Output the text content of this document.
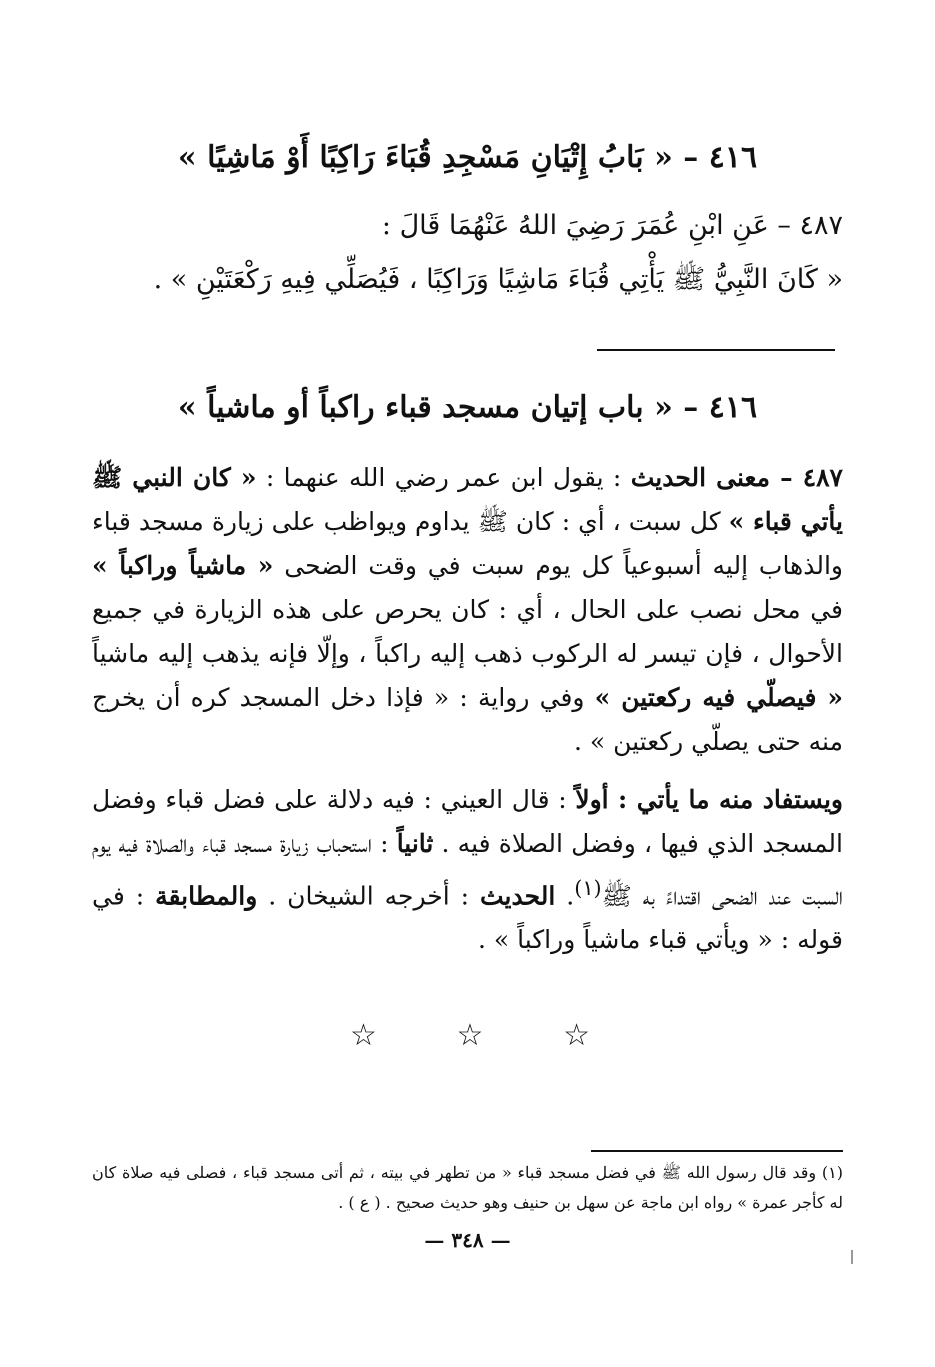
٤١٦ – « بَابُ إِتْيَانِ مَسْجِدِ قُبَاءَ رَاكِبًا أَوْ مَاشِيًا »
٤٨٧ – عَنِ ابْنِ عُمَرَ رَضِيَ اللهُ عَنْهُمَا قَالَ :
« كَانَ النَّبِيُّ ﷺ يَأْتِي قُبَاءَ مَاشِيًا وَرَاكِبًا ، فَيُصَلِّي فِيهِ رَكْعَتَيْنِ » .
٤١٦ – « باب إتيان مسجد قباء راكباً أو ماشياً »
٤٨٧ – معنى الحديث : يقول ابن عمر رضي الله عنهما : « كان النبي ﷺ يأتي قباء » كل سبت ، أي : كان ﷺ يداوم ويواظب على زيارة مسجد قباء والذهاب إليه أسبوعياً كل يوم سبت في وقت الضحى « ماشياً وراكباً » في محل نصب على الحال ، أي : كان يحرص على هذه الزيارة في جميع الأحوال ، فإن تيسر له الركوب ذهب إليه راكباً ، وإلّا فإنه يذهب إليه ماشياً « فيصلّي فيه ركعتين » وفي رواية : « فإذا دخل المسجد كره أن يخرج منه حتى يصلّي ركعتين » .
ويستفاد منه ما يأتي : أولاً : قال العيني : فيه دلالة على فضل قباء وفضل المسجد الذي فيها ، وفضل الصلاة فيه . ثانياً : استحباب زيارة مسجد قباء والصلاة فيه يوم السبت عند الضحى اقتداءً به ﷺ$^{(١)}$. الحديث : أخرجه الشيخان . والمطابقة : في قوله : « ويأتي قباء ماشياً وراكباً » .
☆	☆	☆
(١) وقد قال رسول الله ﷺ في فضل مسجد قباء « من تطهر في بيته ، ثم أتى مسجد قباء ، فصلى فيه صلاة كان له كأجر عمرة » رواه ابن ماجة عن سهل بن حنيف وهو حديث صحيح . ( ع ) .
— ٣٤٨ —
